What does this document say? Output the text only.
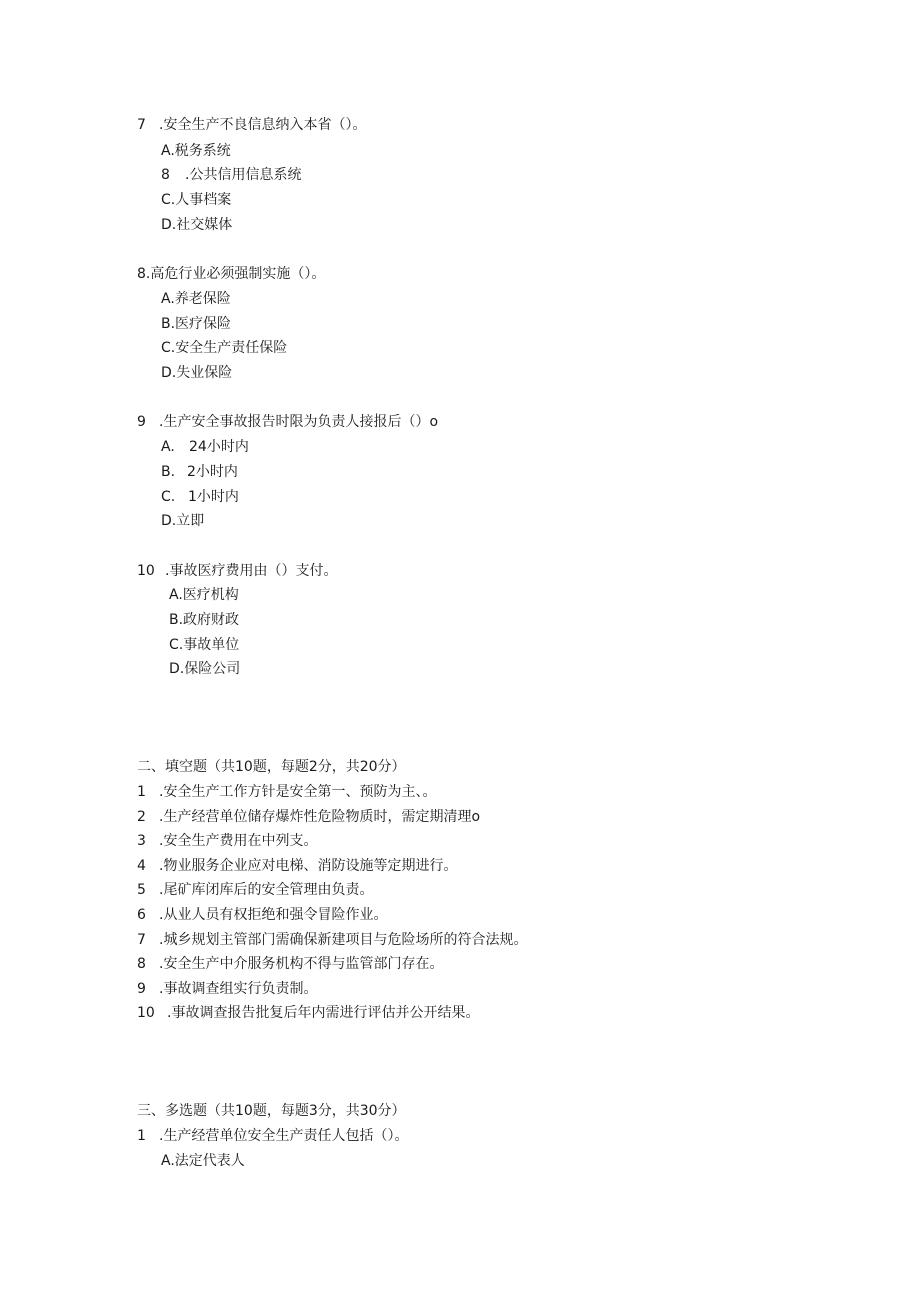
7 .安全生产不良信息纳入本省（）。
A.税务系统
8 .公共信用信息系统
C.人事档案
D.社交媒体
8.高危行业必须强制实施（）。
A.养老保险
B.医疗保险
C.安全生产责任保险
D.失业保险
9 .生产安全事故报告时限为负责人接报后（）o
A. 24小时内
B. 2小时内
C. 1小时内
D.立即
10 .事故医疗费用由（）支付。
A.医疗机构
B.政府财政
C.事故单位
D.保险公司
二、填空题（共10题，每题2分，共20分）
1 .安全生产工作方针是安全第一、预防为主、。
2 .生产经营单位储存爆炸性危险物质时，需定期清理o
3 .安全生产费用在中列支。
4 .物业服务企业应对电梯、消防设施等定期进行。
5 .尾矿库闭库后的安全管理由负责。
6 .从业人员有权拒绝和强令冒险作业。
7 .城乡规划主管部门需确保新建项目与危险场所的符合法规。
8 .安全生产中介服务机构不得与监管部门存在。
9 .事故调查组实行负责制。
10 .事故调查报告批复后年内需进行评估并公开结果。
三、多选题（共10题，每题3分，共30分）
1 .生产经营单位安全生产责任人包括（）。
A.法定代表人
